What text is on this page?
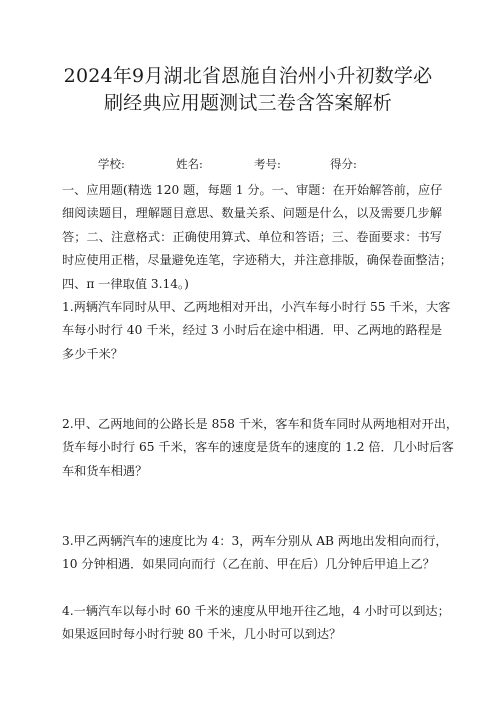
2024年9月湖北省恩施自治州小升初数学必
刷经典应用题测试三卷含答案解析
学校:	姓名:	考号:	得分:
一、应用题(精选 120 题，每题 1 分。一、审题：在开始解答前，应仔
细阅读题目，理解题目意思、数量关系、问题是什么，以及需要几步解
答；二、注意格式：正确使用算式、单位和答语；三、卷面要求：书写
时应使用正楷，尽量避免连笔，字迹稍大，并注意排版，确保卷面整洁；
四、π 一律取值 3.14。)
1.两辆汽车同时从甲、乙两地相对开出，小汽车每小时行 55 千米，大客
车每小时行 40 千米，经过 3 小时后在途中相遇．甲、乙两地的路程是
多少千米？
2.甲、乙两地间的公路长是 858 千米，客车和货车同时从两地相对开出，
货车每小时行 65 千米，客车的速度是货车的速度的 1.2 倍．几小时后客
车和货车相遇？
3.甲乙两辆汽车的速度比为 4：3，两车分别从 AB 两地出发相向而行，
10 分钟相遇．如果同向而行（乙在前、甲在后）几分钟后甲追上乙？
4.一辆汽车以每小时 60 千米的速度从甲地开往乙地，4 小时可以到达；
如果返回时每小时行驶 80 千米，几小时可以到达？
